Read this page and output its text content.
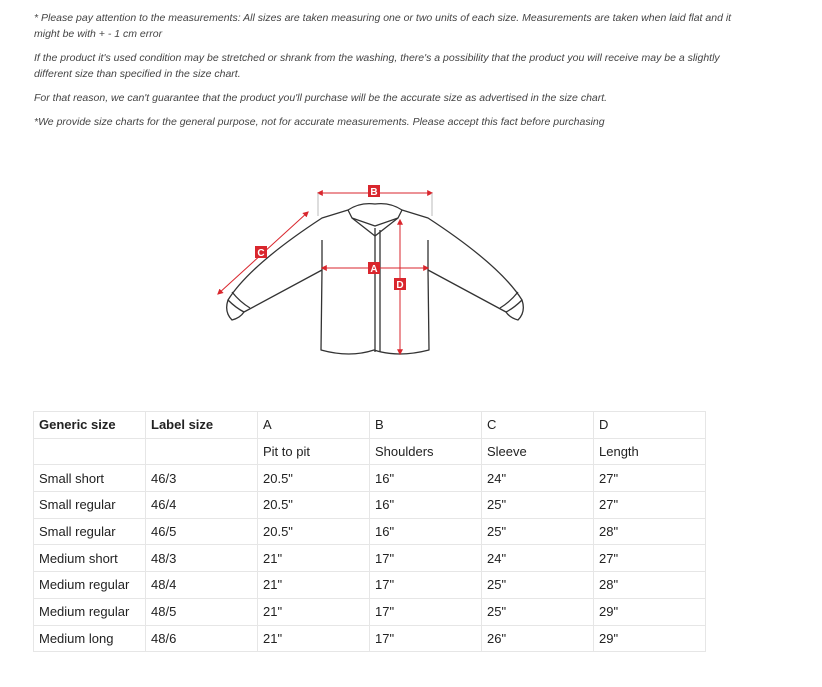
* Please pay attention to the measurements: All sizes are taken measuring one or two units of each size. Measurements are taken when laid flat and it might be with + - 1 cm error

If the product it's used condition may be stretched or shrank from the washing, there's a possibility that the product you will receive may be a slightly different size than specified in the size chart.

For that reason, we can't guarantee that the product you'll purchase will be the accurate size as advertised in the size chart.

*We provide size charts for the general purpose, not for accurate measurements. Please accept this fact before purchasing

B
A
D
C
Generic size	Label size	A	B	C	D
		Pit to pit	Shoulders	Sleeve	Length
Small short	46/3	20.5"	16"	24"	27"
Small regular	46/4	20.5"	16"	25"	27"
Small regular	46/5	20.5"	16"	25"	28"
Medium short	48/3	21"	17"	24"	27"
Medium regular	48/4	21"	17"	25"	28"
Medium regular	48/5	21"	17"	25"	29"
Medium long	48/6	21"	17"	26"	29"
